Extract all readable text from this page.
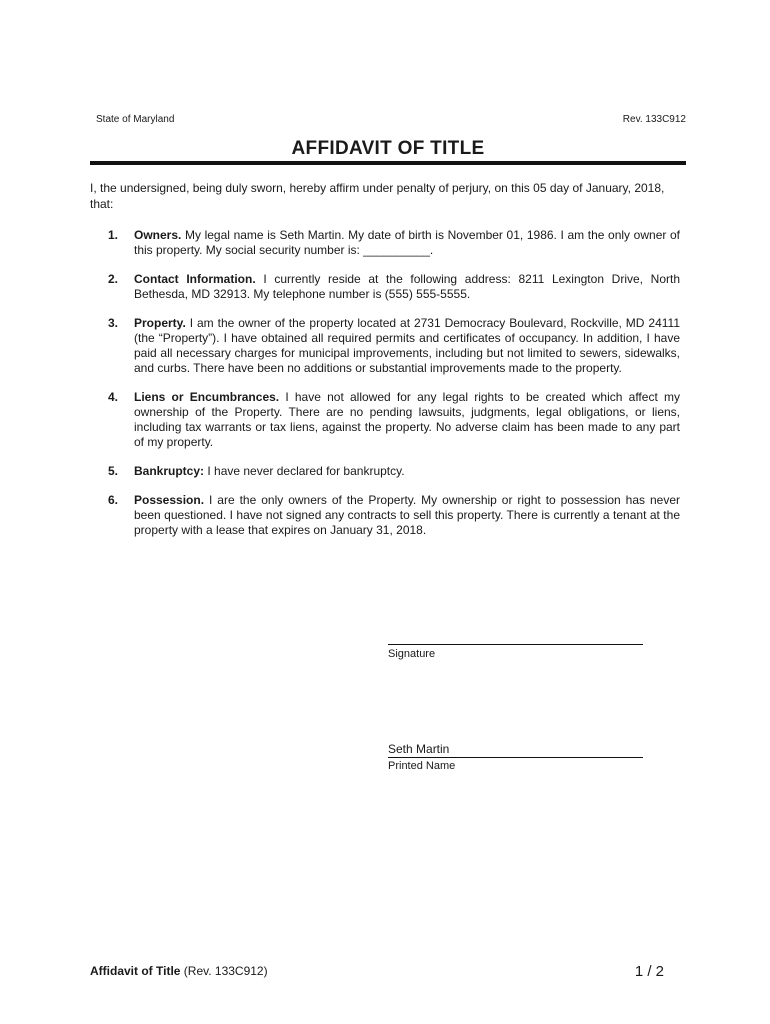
State of Maryland	Rev. 133C912
AFFIDAVIT OF TITLE
I, the undersigned, being duly sworn, hereby affirm under penalty of perjury, on this 05 day of January, 2018, that:
1. Owners. My legal name is Seth Martin. My date of birth is November 01, 1986. I am the only owner of this property. My social security number is: __________.
2. Contact Information. I currently reside at the following address: 8211 Lexington Drive, North Bethesda, MD 32913. My telephone number is (555) 555-5555.
3. Property. I am the owner of the property located at 2731 Democracy Boulevard, Rockville, MD 24111 (the “Property”). I have obtained all required permits and certificates of occupancy. In addition, I have paid all necessary charges for municipal improvements, including but not limited to sewers, sidewalks, and curbs. There have been no additions or substantial improvements made to the property.
4. Liens or Encumbrances. I have not allowed for any legal rights to be created which affect my ownership of the Property. There are no pending lawsuits, judgments, legal obligations, or liens, including tax warrants or tax liens, against the property. No adverse claim has been made to any part of my property.
5. Bankruptcy: I have never declared for bankruptcy.
6. Possession. I are the only owners of the Property. My ownership or right to possession has never been questioned. I have not signed any contracts to sell this property. There is currently a tenant at the property with a lease that expires on January 31, 2018.
Signature
Seth Martin
Printed Name
Affidavit of Title (Rev. 133C912)	1 / 2
